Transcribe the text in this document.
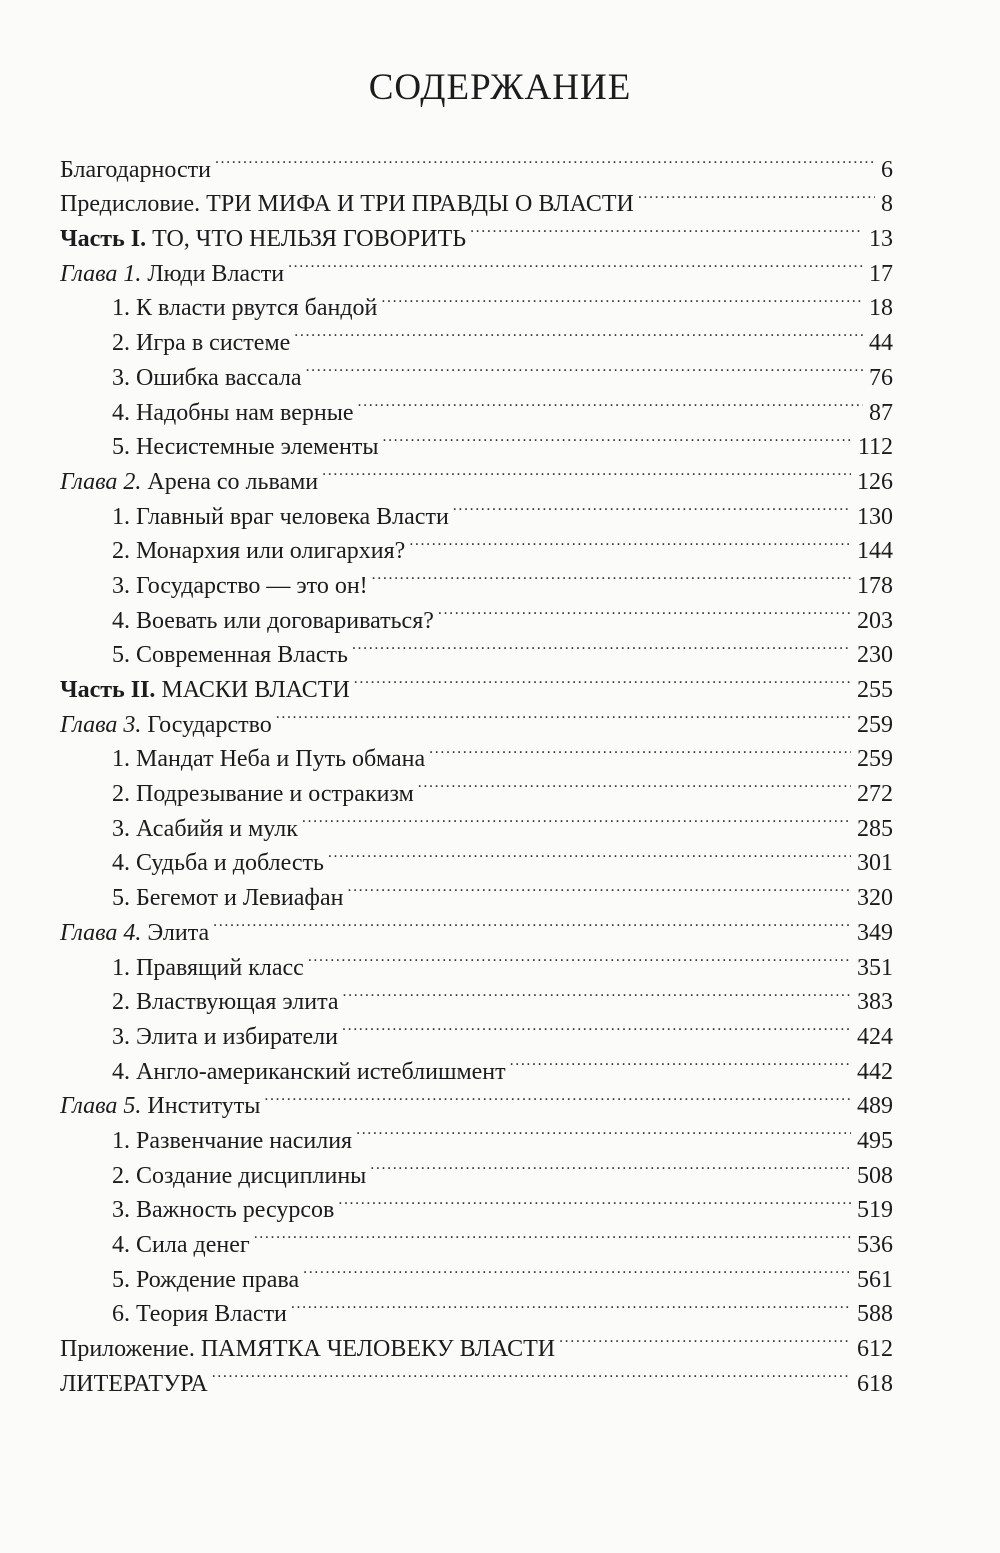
СОДЕРЖАНИЕ
Благодарности . . .	6
Предисловие. ТРИ МИФА И ТРИ ПРАВДЫ О ВЛАСТИ . . .	8
Часть I. ТО, ЧТО НЕЛЬЗЯ ГОВОРИТЬ . . .	13
Глава 1. Люди Власти . . .	17
1. К власти рвутся бандой . . .	18
2. Игра в системе . . .	44
3. Ошибка вассала . . .	76
4. Надобны нам верные . . .	87
5. Несистемные элементы . . .	112
Глава 2. Арена со львами . . .	126
1. Главный враг человека Власти . . .	130
2. Монархия или олигархия? . . .	144
3. Государство — это он! . . .	178
4. Воевать или договариваться? . . .	203
5. Современная Власть . . .	230
Часть II. МАСКИ ВЛАСТИ . . .	255
Глава 3. Государство . . .	259
1. Мандат Неба и Путь обмана . . .	259
2. Подрезывание и остракизм . . .	272
3. Асабийя и мулк . . .	285
4. Судьба и доблесть . . .	301
5. Бегемот и Левиафан . . .	320
Глава 4. Элита . . .	349
1. Правящий класс . . .	351
2. Властвующая элита . . .	383
3. Элита и избиратели . . .	424
4. Англо-американский истеблишмент . . .	442
Глава 5. Институты . . .	489
1. Развенчание насилия . . .	495
2. Создание дисциплины . . .	508
3. Важность ресурсов . . .	519
4. Сила денег . . .	536
5. Рождение права . . .	561
6. Теория Власти . . .	588
Приложение. ПАМЯТКА ЧЕЛОВЕКУ ВЛАСТИ . . .	612
ЛИТЕРАТУРА . . .	618
